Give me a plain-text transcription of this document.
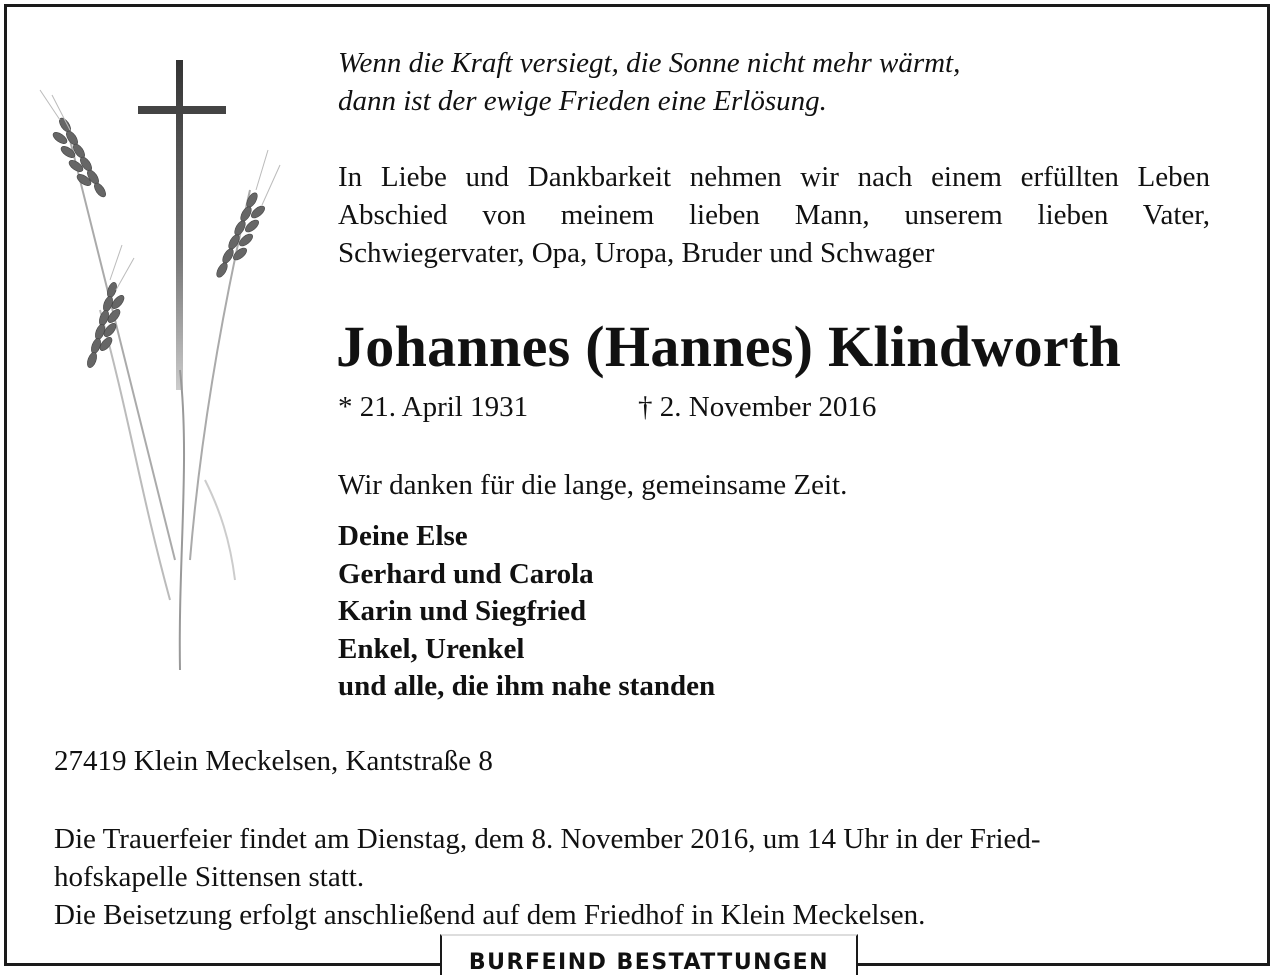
Wenn die Kraft versiegt, die Sonne nicht mehr wärmt,
dann ist der ewige Frieden eine Erlösung.
In Liebe und Dankbarkeit nehmen wir nach einem erfüllten Leben Abschied von meinem lieben Mann, unserem lieben Vater, Schwiegervater, Opa, Uropa, Bruder und Schwager
Johannes (Hannes) Klindworth
* 21. April 1931	† 2. November 2016
Wir danken für die lange, gemeinsame Zeit.
Deine Else
Gerhard und Carola
Karin und Siegfried
Enkel, Urenkel
und alle, die ihm nahe standen
27419 Klein Meckelsen, Kantstraße 8
Die Trauerfeier findet am Dienstag, dem 8. November 2016, um 14 Uhr in der Fried-
hofskapelle Sittensen statt.
Die Beisetzung erfolgt anschließend auf dem Friedhof in Klein Meckelsen.
BURFEIND BESTATTUNGEN
